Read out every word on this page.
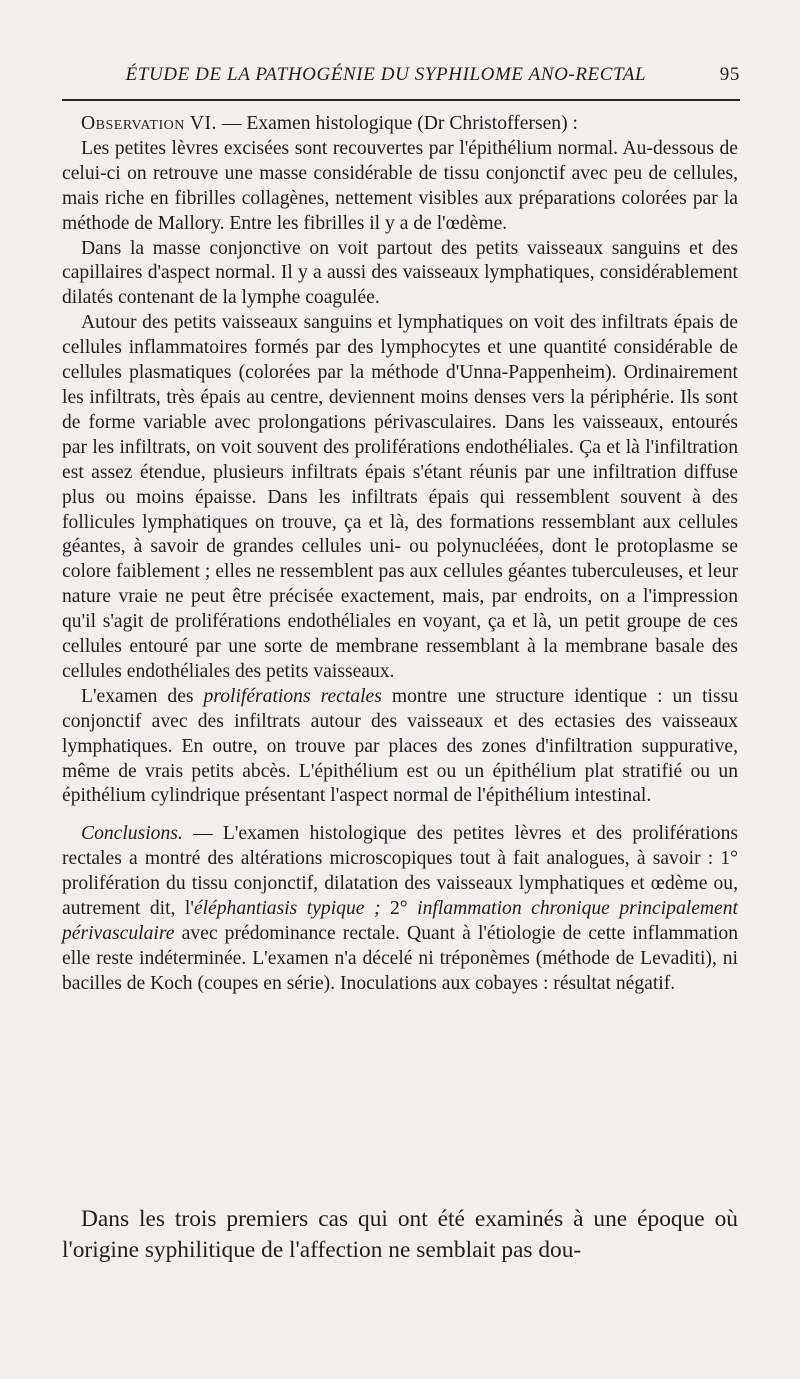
ÉTUDE DE LA PATHOGÉNIE DU SYPHILOME ANO-RECTAL	95

Observation VI. — Examen histologique (Dr Christoffersen) :

Les petites lèvres excisées sont recouvertes par l'épithélium normal. Au-dessous de celui-ci on retrouve une masse considérable de tissu conjonctif avec peu de cellules, mais riche en fibrilles collagènes, nettement visibles aux préparations colorées par la méthode de Mallory. Entre les fibrilles il y a de l'œdème.

Dans la masse conjonctive on voit partout des petits vaisseaux sanguins et des capillaires d'aspect normal. Il y a aussi des vaisseaux lymphatiques, considérablement dilatés contenant de la lymphe coagulée.

Autour des petits vaisseaux sanguins et lymphatiques on voit des infiltrats épais de cellules inflammatoires formés par des lymphocytes et une quantité considérable de cellules plasmatiques (colorées par la méthode d'Unna-Pappenheim). Ordinairement les infiltrats, très épais au centre, deviennent moins denses vers la périphérie. Ils sont de forme variable avec prolongations périvasculaires. Dans les vaisseaux, entourés par les infiltrats, on voit souvent des proliférations endothéliales. Ça et là l'infiltration est assez étendue, plusieurs infiltrats épais s'étant réunis par une infiltration diffuse plus ou moins épaisse. Dans les infiltrats épais qui ressemblent souvent à des follicules lymphatiques on trouve, ça et là, des formations ressemblant aux cellules géantes, à savoir de grandes cellules uni- ou polynucléées, dont le protoplasme se colore faiblement ; elles ne ressemblent pas aux cellules géantes tuberculeuses, et leur nature vraie ne peut être précisée exactement, mais, par endroits, on a l'impression qu'il s'agit de proliférations endothéliales en voyant, ça et là, un petit groupe de ces cellules entouré par une sorte de membrane ressemblant à la membrane basale des cellules endothéliales des petits vaisseaux.

L'examen des proliférations rectales montre une structure identique : un tissu conjonctif avec des infiltrats autour des vaisseaux et des ectasies des vaisseaux lymphatiques. En outre, on trouve par places des zones d'infiltration suppurative, même de vrais petits abcès. L'épithélium est ou un épithélium plat stratifié ou un épithélium cylindrique présentant l'aspect normal de l'épithélium intestinal.

Conclusions. — L'examen histologique des petites lèvres et des proliférations rectales a montré des altérations microscopiques tout à fait analogues, à savoir : 1° prolifération du tissu conjonctif, dilatation des vaisseaux lymphatiques et œdème ou, autrement dit, l'éléphantiasis typique ; 2° inflammation chronique principalement périvasculaire avec prédominance rectale. Quant à l'étiologie de cette inflammation elle reste indéterminée. L'examen n'a décelé ni tréponèmes (méthode de Levaditi), ni bacilles de Koch (coupes en série). Inoculations aux cobayes : résultat négatif.

Dans les trois premiers cas qui ont été examinés à une époque où l'origine syphilitique de l'affection ne semblait pas dou-
